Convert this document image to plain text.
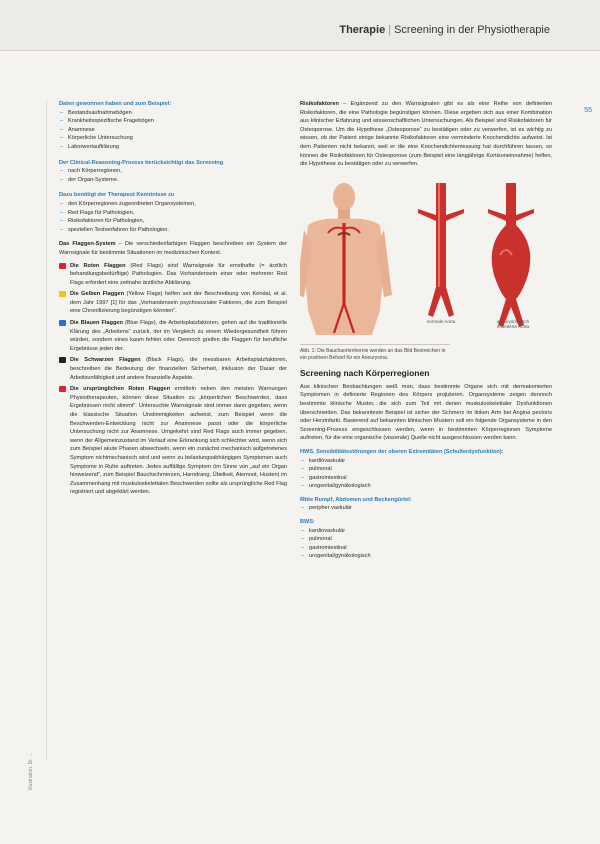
Therapie | Screening in der Physiotherapie
55
Illustration: Dr. ...
Daten gewonnen haben und zum Beispiel:
– Bestandsaufnahmebögen
– Krankheitsspezifische Fragebögen
– Anamnese
– Körperliche Untersuchung
– Laborwertaufklärung
Der Clinical-Reasoning-Prozess berücksichtigt das Screening
– nach Körperregionen,
– der Organ-Systeme.
Dazu benötigt der Therapeut Kenntnisse zu
– den Körperregionen zugeordneten Organsystemen,
– Red Flags für Pathologien,
– Risikofaktoren für Pathologien,
– speziellen Testverfahren für Pathologien.

Das Flaggen-System – Die verschiedenfarbigen Flaggen beschreiben ein System der Warnsignale für bestimmte Situationen im medizinischen Kontext.

Die Roten Flaggen (Red Flags) sind Warnsignale für ernsthafte (= ärztlich behandlungsbedürftige) Pathologien. Das Vorhandensein einer oder mehrerer Red Flags erfordert eine zeitnahe ärztliche Abklärung.
Die Gelben Flaggen (Yellow Flags) helfen seit der Beschreibung von Kendal, et al. dem Jahr 1997 [1] für das „Vorhandensein psychosozialer Faktoren, die zum Beispiel eine Chronifizierung begünstigen könnten“.
Die Blauen Flaggen (Blue Flags), die Arbeitsplatzfaktoren, gehen auf die traditionelle Klärung des „Arbeitens“ zurück, der im Vergleich zu einem Wiedergesundheit führen würden, sondern eines kaum fehlen oder. Dennoch greifen die Flaggen für berufliche Ergebnisse jeden der.
Die Schwarzen Flaggen (Black Flags), die messbaren Arbeitsplatzfaktoren, beschreiben die Bedeutung der finanziellen Sicherheit, Inklusion der Dauer der Arbeitsunfähigkeit und andere finanzielle Aspekte.
Die ursprünglichen Roten Flaggen ermitteln neben den meisten Warnungen Physiotherapeuten, können diese Situation zu „körperlichen Beschwerden, dass Ergebnissen nicht stimmt“. Untersuchte Warnsignale sind immer dann gegeben, wenn die klassische Situation Unstimmigkeiten aufweist, zum Beispiel wenn die Beschwerden-Entwicklung nicht zur Anamnese passt oder die körperliche Untersuchung nicht zur Anamnese. Umgekehrt sind Red Flags auch immer gegeben, wenn der Allgemeinzustand im Verlauf eine Erkrankung sich schlechter wird, wenn sich zum Beispiel akute Phasen abwechseln, wenn ein zunächst mechanisch aufgetretenes Symptom nichtmechanisch wird und wenn zu belastungsabhängigen Symptomen auch Symptome in Ruhe auftreten. Jedes auffällige Symptom (im Sinne von „auf ein Organ hinweisend“, zum Beispiel Bauchschmerzen, Harndrang, Übelkeit, Atemnot, Husten) im Zusammenhang mit muskuloskelettalen Beschwerden sollte als ursprüngliche Red Flag registriert und abgeklärt werden.

Risikofaktoren – Ergänzend zu den Warnsignalen gibt es als eine Reihe von definierten Risikofaktoren, die eine Pathologie begünstigen können. Diese ergeben sich aus einer Kombination aus klinischer Erfahrung und wissenschaftlichen Untersuchungen. Als Beispiel sind Risikofaktoren für Osteoporose. Um die Hypothese „Osteoporose“ zu bestätigen oder zu verwerfen, ist es wichtig zu wissen, ob der Patient einige bekannte Risikofaktoren eine verminderte Knochendichte aufweist. Ist dem Patienten nicht bekannt, weil er die eine Knochendichtemessung hat durchführen lassen, so können die Risikofaktoren für Osteoporose (zum Beispiel eine langjährige Kortisoneinnahme) helfen, die Hypothese zu bestätigen oder zu verwerfen.

normale Aorta	aneurysmatisch erweiterte Aorta
Abb. 1: Die Bauchaortenhernie werden an das Bild Bestreichen in ein positiven Befund für ein Aneurysma.
Screening nach Körperregionen

Aus klinischen Beobachtungen weiß man, dass bestimmte Organe sich mit dermatomierten Symptomen in definierte Regionen des Körpers projizieren. Organsysteme zeigen dennoch bestimmte klinische Muster, die sich zum Teil mit denen muskuloskelettaler Dysfunktionen überschneiden. Das bekannteste Beispiel ist sicher der Schmerz im linken Arm bei Angina pectoris oder Herzinfarkt. Basierend auf bekannten klinischen Mustern soll ein folgende Organsysteme in den Screening-Prozess eingeschlossen werden, wenn in bestimmten Körperregionen Symptome auftreten, für die eine organische (viszerale) Quelle nicht ausgeschlossen werden kann.

HWS, Sensibilitätsstörungen der oberen Extremitäten (Schulterdysfunktion):
– kardiovaskulär
– pulmonal
– gastrointestinal
– urogenital/gynäkologisch
Mitte Rumpf, Abdomen und Beckengürtel:
– peripher vaskulär
BWS:
– kardiovaskulär
– pulmonal
– gastrointestinal
– urogenital/gynäkologisch
